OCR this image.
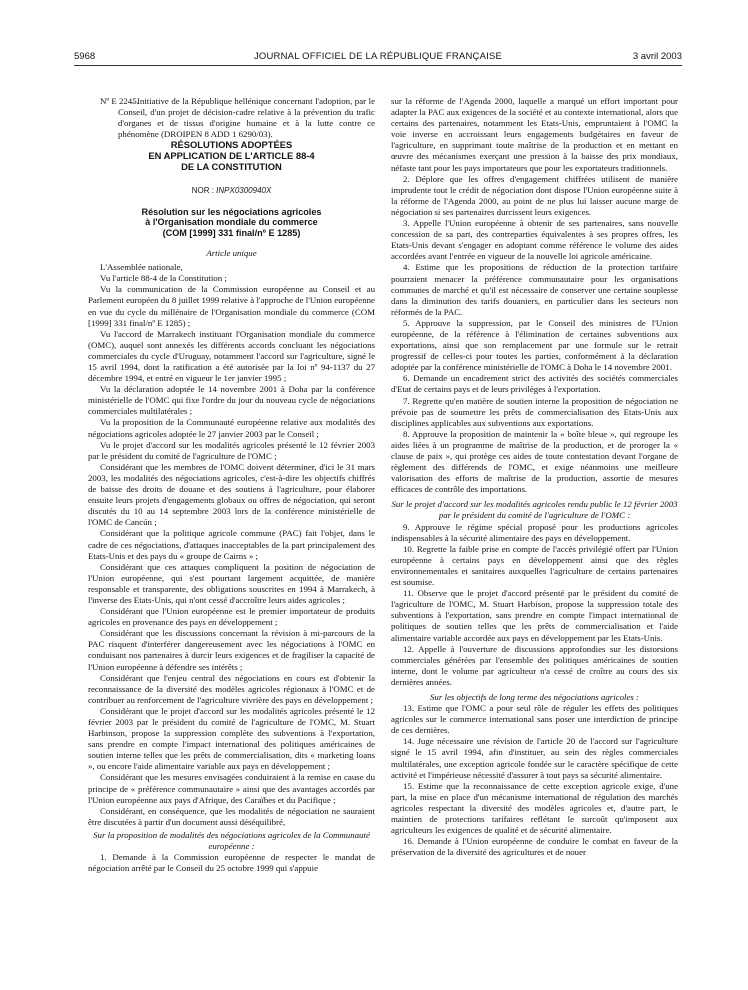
5968	JOURNAL OFFICIEL DE LA RÉPUBLIQUE FRANÇAISE	3 avril 2003

Nº E 2245.
– Initiative de la République hellénique concernant l'adoption, par le Conseil, d'un projet de décision-cadre relative à la prévention du trafic d'organes et de tissus d'origine humaine et à la lutte contre ce phénomène (DROIPEN 8 ADD 1 6290/03).

RÉSOLUTIONS ADOPTÉES
EN APPLICATION DE L'ARTICLE 88-4
DE LA CONSTITUTION
NOR : INPX0300940X
Résolution sur les négociations agricoles
à l'Organisation mondiale du commerce
(COM [1999] 331 final/nº E 1285)

Article unique

L'Assemblée nationale,

Vu l'article 88-4 de la Constitution ;

Vu la communication de la Commission européenne au Conseil et au Parlement européen du 8 juillet 1999 relative à l'approche de l'Union européenne en vue du cycle du millénaire de l'Organisation mondiale du commerce (COM [1999] 331 final/nº E 1285) ;

Vu l'accord de Marrakech instituant l'Organisation mondiale du commerce (OMC), auquel sont annexés les différents accords concluant les négociations commerciales du cycle d'Uruguay, notamment l'accord sur l'agriculture, signé le 15 avril 1994, dont la ratification a été autorisée par la loi nº 94-1137 du 27 décembre 1994, et entré en vigueur le 1er janvier 1995 ;

Vu la déclaration adoptée le 14 novembre 2001 à Doha par la conférence ministérielle de l'OMC qui fixe l'ordre du jour du nouveau cycle de négociations commerciales multilatérales ;

Vu la proposition de la Communauté européenne relative aux modalités des négociations agricoles adoptée le 27 janvier 2003 par le Conseil ;

Vu le projet d'accord sur les modalités agricoles présenté le 12 février 2003 par le président du comité de l'agriculture de l'OMC ;

Considérant que les membres de l'OMC doivent déterminer, d'ici le 31 mars 2003, les modalités des négociations agricoles, c'est-à-dire les objectifs chiffrés de baisse des droits de douane et des soutiens à l'agriculture, pour élaborer ensuite leurs projets d'engagements globaux ou offres de négociation, qui seront discutés du 10 au 14 septembre 2003 lors de la conférence ministérielle de l'OMC de Cancún ;

Considérant que la politique agricole commune (PAC) fait l'objet, dans le cadre de ces négociations, d'attaques inacceptables de la part principalement des Etats-Unis et des pays du « groupe de Cairns » ;

Considérant que ces attaques compliquent la position de négociation de l'Union européenne, qui s'est pourtant largement acquittée, de manière responsable et transparente, des obligations souscrites en 1994 à Marrakech, à l'inverse des Etats-Unis, qui n'ont cessé d'accroître leurs aides agricoles ;

Considérant que l'Union européenne est le premier importateur de produits agricoles en provenance des pays en développement ;

Considérant que les discussions concernant la révision à mi-parcours de la PAC risquent d'interférer dangereusement avec les négociations à l'OMC en conduisant nos partenaires à durcir leurs exigences et de fragiliser la capacité de l'Union européenne à défendre ses intérêts ;

Considérant que l'enjeu central des négociations en cours est d'obtenir la reconnaissance de la diversité des modèles agricoles régionaux à l'OMC et de contribuer au renforcement de l'agriculture vivrière des pays en développement ;

Considérant que le projet d'accord sur les modalités agricoles présenté le 12 février 2003 par le président du comité de l'agriculture de l'OMC, M. Stuart Harbinson, propose la suppression complète des subventions à l'exportation, sans prendre en compte l'impact international des politiques américaines de soutien interne telles que les prêts de commercialisation, dits « marketing loans », ou encore l'aide alimentaire variable aux pays en développement ;

Considérant que les mesures envisagées conduiraient à la remise en cause du principe de « préférence communautaire » ainsi que des avantages accordés par l'Union européenne aux pays d'Afrique, des Caraïbes et du Pacifique ;

Considérant, en conséquence, que les modalités de négociation ne sauraient être discutées à partir d'un document aussi déséquilibré,

Sur la proposition de modalités des négociations agricoles de la Communauté européenne :

1. Demande à la Commission européenne de respecter le mandat de négociation arrêté par le Conseil du 25 octobre 1999 qui s'appuie

sur la réforme de l'Agenda 2000, laquelle a marqué un effort important pour adapter la PAC aux exigences de la société et au contexte international, alors que certains des partenaires, notamment les Etats-Unis, empruntaient à l'OMC la voie inverse en accroissant leurs engagements budgétaires en faveur de l'agriculture, en supprimant toute maîtrise de la production et en mettant en œuvre des mécanismes exerçant une pression à la baisse des prix mondiaux, néfaste tant pour les pays importateurs que pour les exportateurs traditionnels.

2. Déplore que les offres d'engagement chiffrées utilisent de manière imprudente tout le crédit de négociation dont dispose l'Union européenne suite à la réforme de l'Agenda 2000, au point de ne plus lui laisser aucune marge de négociation si ses partenaires durcissent leurs exigences.

3. Appelle l'Union européenne à obtenir de ses partenaires, sans nouvelle concession de sa part, des contreparties équivalentes à ses propres offres, les Etats-Unis devant s'engager en adoptant comme référence le volume des aides accordées avant l'entrée en vigueur de la nouvelle loi agricole américaine.

4. Estime que les propositions de réduction de la protection tarifaire pourraient menacer la préférence communautaire pour les organisations communes de marché et qu'il est nécessaire de conserver une certaine souplesse dans la diminution des tarifs douaniers, en particulier dans les secteurs non réformés de la PAC.

5. Approuve la suppression, par le Conseil des ministres de l'Union européenne, de la référence à l'élimination de certaines subventions aux exportations, ainsi que son remplacement par une formule sur le retrait progressif de celles-ci pour toutes les parties, conformément à la déclaration adoptée par la conférence ministérielle de l'OMC à Doha le 14 novembre 2001.

6. Demande un encadrement strict des activités des sociétés commerciales d'Etat de certains pays et de leurs privilèges à l'exportation.

7. Regrette qu'en matière de soutien interne la proposition de négociation ne prévoie pas de soumettre les prêts de commercialisation des Etats-Unis aux disciplines applicables aux subventions aux exportations.

8. Approuve la proposition de maintenir la « boîte bleue », qui regroupe les aides liées à un programme de maîtrise de la production, et de proroger la « clause de paix », qui protège ces aides de toute contestation devant l'organe de règlement des différends de l'OMC, et exige néanmoins une meilleure valorisation des efforts de maîtrise de la production, assortie de mesures efficaces de contrôle des importations.

Sur le projet d'accord sur les modalités agricoles rendu public le 12 février 2003 par le président du comité de l'agriculture de l'OMC :

9. Approuve le régime spécial proposé pour les productions agricoles indispensables à la sécurité alimentaire des pays en développement.

10. Regrette la faible prise en compte de l'accès privilégié offert par l'Union européenne à certains pays en développement ainsi que des règles environnementales et sanitaires auxquelles l'agriculture de certains partenaires est soumise.

11. Observe que le projet d'accord présenté par le président du comité de l'agriculture de l'OMC, M. Stuart Harbison, propose la suppression totale des subventions à l'exportation, sans prendre en compte l'impact international de politiques de soutien telles que les prêts de commercialisation et l'aide alimentaire variable accordée aux pays en développement par les Etats-Unis.

12. Appelle à l'ouverture de discussions approfondies sur les distorsions commerciales générées par l'ensemble des politiques américaines de soutien interne, dont le volume par agriculteur n'a cessé de croître au cours des six dernières années.

Sur les objectifs de long terme des négociations agricoles :

13. Estime que l'OMC a pour seul rôle de réguler les effets des politiques agricoles sur le commerce international sans poser une interdiction de principe de ces dernières.

14. Juge nécessaire une révision de l'article 20 de l'accord sur l'agriculture signé le 15 avril 1994, afin d'instituer, au sein des règles commerciales multilatérales, une exception agricole fondée sur le caractère spécifique de cette activité et l'impérieuse nécessité d'assurer à tout pays sa sécurité alimentaire.

15. Estime que la reconnaissance de cette exception agricole exige, d'une part, la mise en place d'un mécanisme international de régulation des marchés agricoles respectant la diversité des modèles agricoles et, d'autre part, le maintien de protections tarifaires reflétant le surcoût qu'imposent aux agriculteurs les exigences de qualité et de sécurité alimentaire.

16. Demande à l'Union européenne de conduire le combat en faveur de la préservation de la diversité des agricultures et de nouer
